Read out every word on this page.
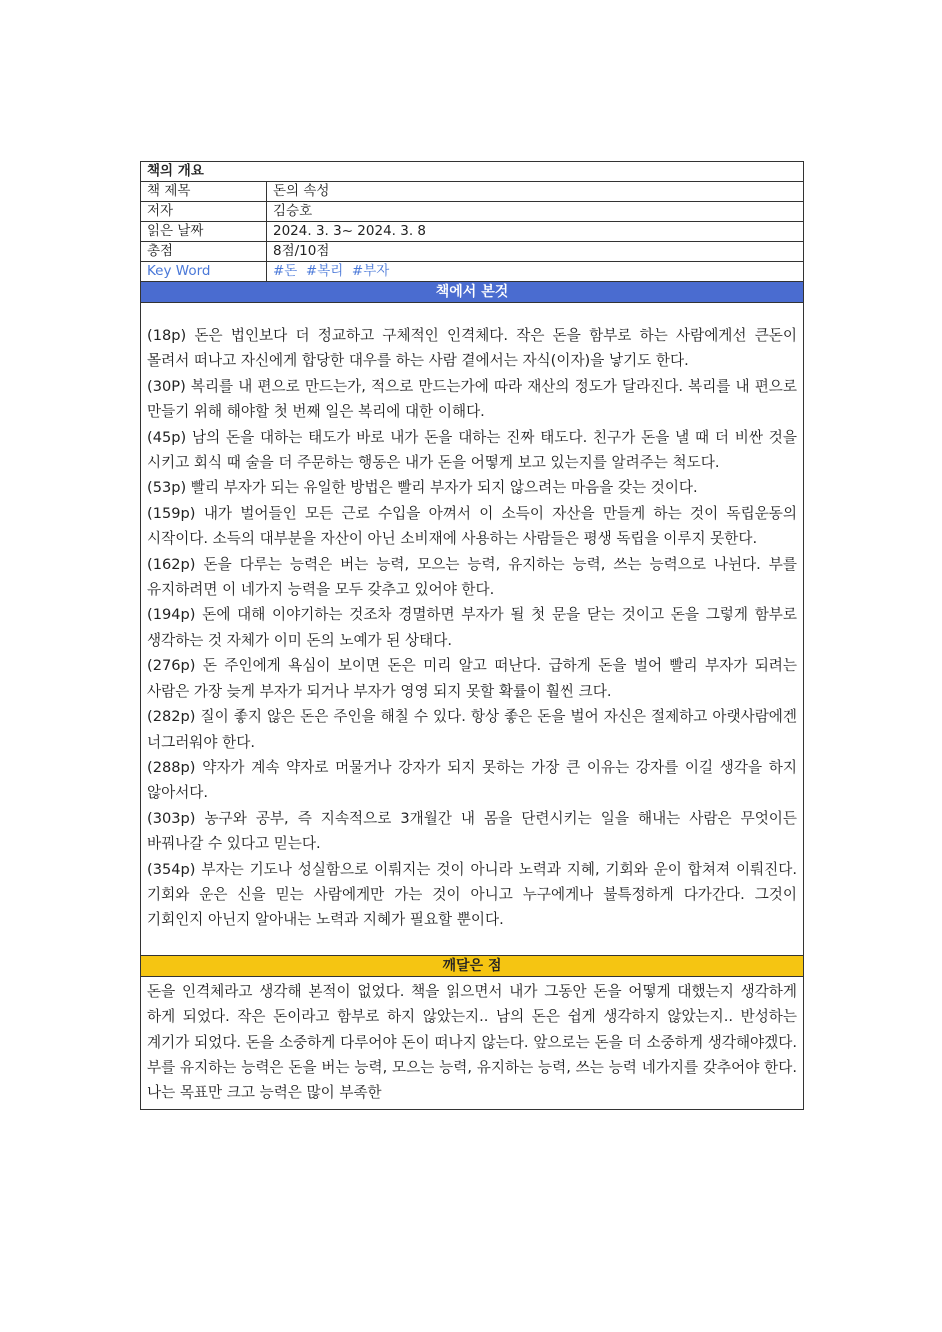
책의 개요
책 제목	돈의 속성
저자	김승호
읽은 날짜	2024. 3. 3~ 2024. 3. 8
총점	8점/10점
Key Word	#돈  #복리  #부자
책에서 본것

(18p) 돈은 법인보다 더 정교하고 구체적인 인격체다. 작은 돈을 함부로 하는 사람에게선 큰돈이 몰려서 떠나고 자신에게 합당한 대우를 하는 사람 곁에서는 자식(이자)을 낳기도 한다.

(30P) 복리를 내 편으로 만드는가, 적으로 만드는가에 따라 재산의 정도가 달라진다. 복리를 내 편으로 만들기 위해 해야할 첫 번째 일은 복리에 대한 이해다.

(45p) 남의 돈을 대하는 태도가 바로 내가 돈을 대하는 진짜 태도다. 친구가 돈을 낼 때 더 비싼 것을 시키고 회식 때 술을 더 주문하는 행동은 내가 돈을 어떻게 보고 있는지를 알려주는 척도다.

(53p) 빨리 부자가 되는 유일한 방법은 빨리 부자가 되지 않으려는 마음을 갖는 것이다.

(159p) 내가 벌어들인 모든 근로 수입을 아껴서 이 소득이 자산을 만들게 하는 것이 독립운동의 시작이다. 소득의 대부분을 자산이 아닌 소비재에 사용하는 사람들은 평생 독립을 이루지 못한다.

(162p) 돈을 다루는 능력은 버는 능력, 모으는 능력, 유지하는 능력, 쓰는 능력으로 나뉜다. 부를 유지하려면 이 네가지 능력을 모두 갖추고 있어야 한다.

(194p) 돈에 대해 이야기하는 것조차 경멸하면 부자가 될 첫 문을 닫는 것이고 돈을 그렇게 함부로 생각하는 것 자체가 이미 돈의 노예가 된 상태다.

(276p) 돈 주인에게 욕심이 보이면 돈은 미리 알고 떠난다. 급하게 돈을 벌어 빨리 부자가 되려는 사람은 가장 늦게 부자가 되거나 부자가 영영 되지 못할 확률이 훨씬 크다.

(282p) 질이 좋지 않은 돈은 주인을 해칠 수 있다. 항상 좋은 돈을 벌어 자신은 절제하고 아랫사람에겐 너그러워야 한다.

(288p) 약자가 계속 약자로 머물거나 강자가 되지 못하는 가장 큰 이유는 강자를 이길 생각을 하지 않아서다.

(303p) 농구와 공부, 즉 지속적으로 3개월간 내 몸을 단련시키는 일을 해내는 사람은 무엇이든 바꿔나갈 수 있다고 믿는다.

(354p) 부자는 기도나 성실함으로 이뤄지는 것이 아니라 노력과 지혜, 기회와 운이 합쳐져 이뤄진다. 기회와 운은 신을 믿는 사람에게만 가는 것이 아니고 누구에게나 불특정하게 다가간다. 그것이 기회인지 아닌지 알아내는 노력과 지혜가 필요할 뿐이다.

깨달은 점

돈을 인격체라고 생각해 본적이 없었다. 책을 읽으면서 내가 그동안 돈을 어떻게 대했는지 생각하게 하게 되었다. 작은 돈이라고 함부로 하지 않았는지.. 남의 돈은 쉽게 생각하지 않았는지.. 반성하는 계기가 되었다. 돈을 소중하게 다루어야 돈이 떠나지 않는다. 앞으로는 돈을 더 소중하게 생각해야겠다. 부를 유지하는 능력은 돈을 버는 능력, 모으는 능력, 유지하는 능력, 쓰는 능력 네가지를 갖추어야 한다. 나는 목표만 크고 능력은 많이 부족한
